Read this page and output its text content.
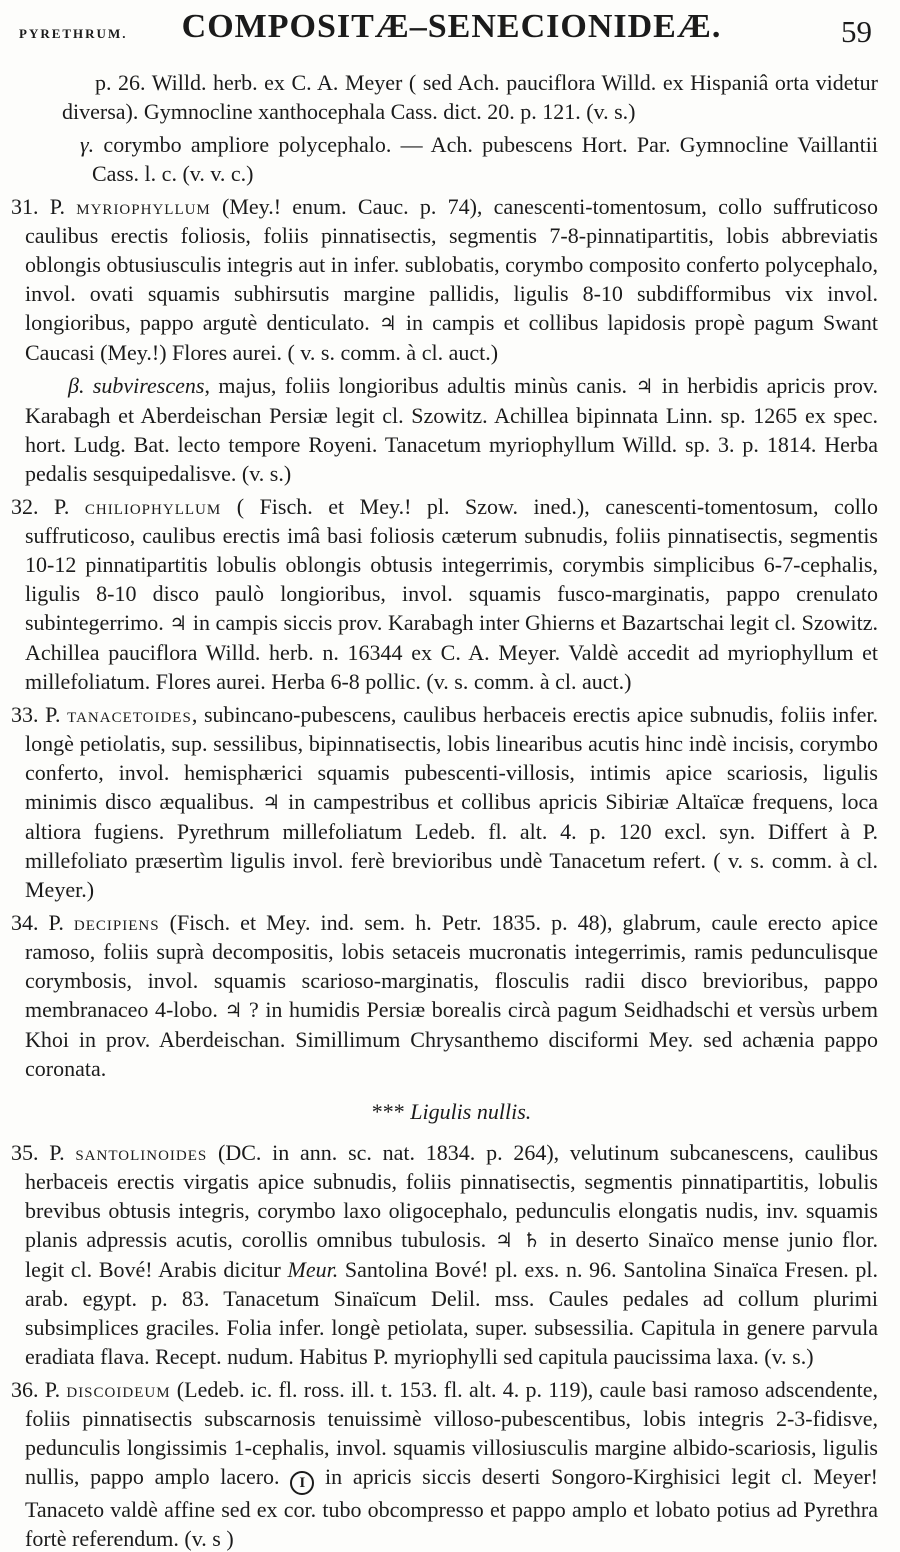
PYRETHRUM. COMPOSITÆ–SENECIONIDEÆ.	59

p. 26. Willd. herb. ex C. A. Meyer ( sed Ach. pauciflora Willd. ex Hispaniâ orta videtur diversa). Gymnocline xanthocephala Cass. dict. 20. p. 121. (v. s.)

γ. corymbo ampliore polycephalo. — Ach. pubescens Hort. Par. Gymnocline Vaillantii Cass. l. c. (v. v. c.)

31. P. myriophyllum (Mey.! enum. Cauc. p. 74), canescenti-tomentosum, collo suffruticoso caulibus erectis foliosis, foliis pinnatisectis, segmentis 7-8-pinnatipartitis, lobis abbreviatis oblongis obtusiusculis integris aut in infer. sublobatis, corymbo composito conferto polycephalo, invol. ovati squamis subhirsutis margine pallidis, ligulis 8-10 subdifformibus vix invol. longioribus, pappo argutè denticulato. ♃ in campis et collibus lapidosis propè pagum Swant Caucasi (Mey.!) Flores aurei. ( v. s. comm. à cl. auct.)

β. subvirescens, majus, foliis longioribus adultis minùs canis. ♃ in herbidis apricis prov. Karabagh et Aberdeischan Persiæ legit cl. Szowitz. Achillea bipinnata Linn. sp. 1265 ex spec. hort. Ludg. Bat. lecto tempore Royeni. Tanacetum myriophyllum Willd. sp. 3. p. 1814. Herba pedalis sesquipedalisve. (v. s.)

32. P. chiliophyllum ( Fisch. et Mey.! pl. Szow. ined.), canescenti-tomentosum, collo suffruticoso, caulibus erectis imâ basi foliosis cæterum subnudis, foliis pinnatisectis, segmentis 10-12 pinnatipartitis lobulis oblongis obtusis integerrimis, corymbis simplicibus 6-7-cephalis, ligulis 8-10 disco paulò longioribus, invol. squamis fusco-marginatis, pappo crenulato subintegerrimo. ♃ in campis siccis prov. Karabagh inter Ghierns et Bazartschai legit cl. Szowitz. Achillea pauciflora Willd. herb. n. 16344 ex C. A. Meyer. Valdè accedit ad myriophyllum et millefoliatum. Flores aurei. Herba 6-8 pollic. (v. s. comm. à cl. auct.)

33. P. tanacetoides, subincano-pubescens, caulibus herbaceis erectis apice subnudis, foliis infer. longè petiolatis, sup. sessilibus, bipinnatisectis, lobis linearibus acutis hinc indè incisis, corymbo conferto, invol. hemisphærici squamis pubescenti-villosis, intimis apice scariosis, ligulis minimis disco æqualibus. ♃ in campestribus et collibus apricis Sibiriæ Altaïcæ frequens, loca altiora fugiens. Pyrethrum millefoliatum Ledeb. fl. alt. 4. p. 120 excl. syn. Differt à P. millefoliato præsertìm ligulis invol. ferè brevioribus undè Tanacetum refert. ( v. s. comm. à cl. Meyer.)

34. P. decipiens (Fisch. et Mey. ind. sem. h. Petr. 1835. p. 48), glabrum, caule erecto apice ramoso, foliis suprà decompositis, lobis setaceis mucronatis integerrimis, ramis pedunculisque corymbosis, invol. squamis scarioso-marginatis, flosculis radii disco brevioribus, pappo membranaceo 4-lobo. ♃ ? in humidis Persiæ borealis circà pagum Seidhadschi et versùs urbem Khoi in prov. Aberdeischan. Simillimum Chrysanthemo disciformi Mey. sed achænia pappo coronata.

*** Ligulis nullis.

35. P. santolinoides (DC. in ann. sc. nat. 1834. p. 264), velutinum subcanescens, caulibus herbaceis erectis virgatis apice subnudis, foliis pinnatisectis, segmentis pinnatipartitis, lobulis brevibus obtusis integris, corymbo laxo oligocephalo, pedunculis elongatis nudis, inv. squamis planis adpressis acutis, corollis omnibus tubulosis. ♃ ♄ in deserto Sinaïco mense junio flor. legit cl. Bové! Arabis dicitur Meur. Santolina Bové! pl. exs. n. 96. Santolina Sinaïca Fresen. pl. arab. egypt. p. 83. Tanacetum Sinaïcum Delil. mss. Caules pedales ad collum plurimi subsimplices graciles. Folia infer. longè petiolata, super. subsessilia. Capitula in genere parvula eradiata flava. Recept. nudum. Habitus P. myriophylli sed capitula paucissima laxa. (v. s.)

36. P. discoideum (Ledeb. ic. fl. ross. ill. t. 153. fl. alt. 4. p. 119), caule basi ramoso adscendente, foliis pinnatisectis subscarnosis tenuissimè villoso-pubescentibus, lobis integris 2-3-fidisve, pedunculis longissimis 1-cephalis, invol. squamis villosiusculis margine albido-scariosis, ligulis nullis, pappo amplo lacero. I in apricis siccis deserti Songoro-Kirghisici legit cl. Meyer! Tanaceto valdè affine sed ex cor. tubo obcompresso et pappo amplo et lobato potius ad Pyrethra fortè referendum. (v. s )
